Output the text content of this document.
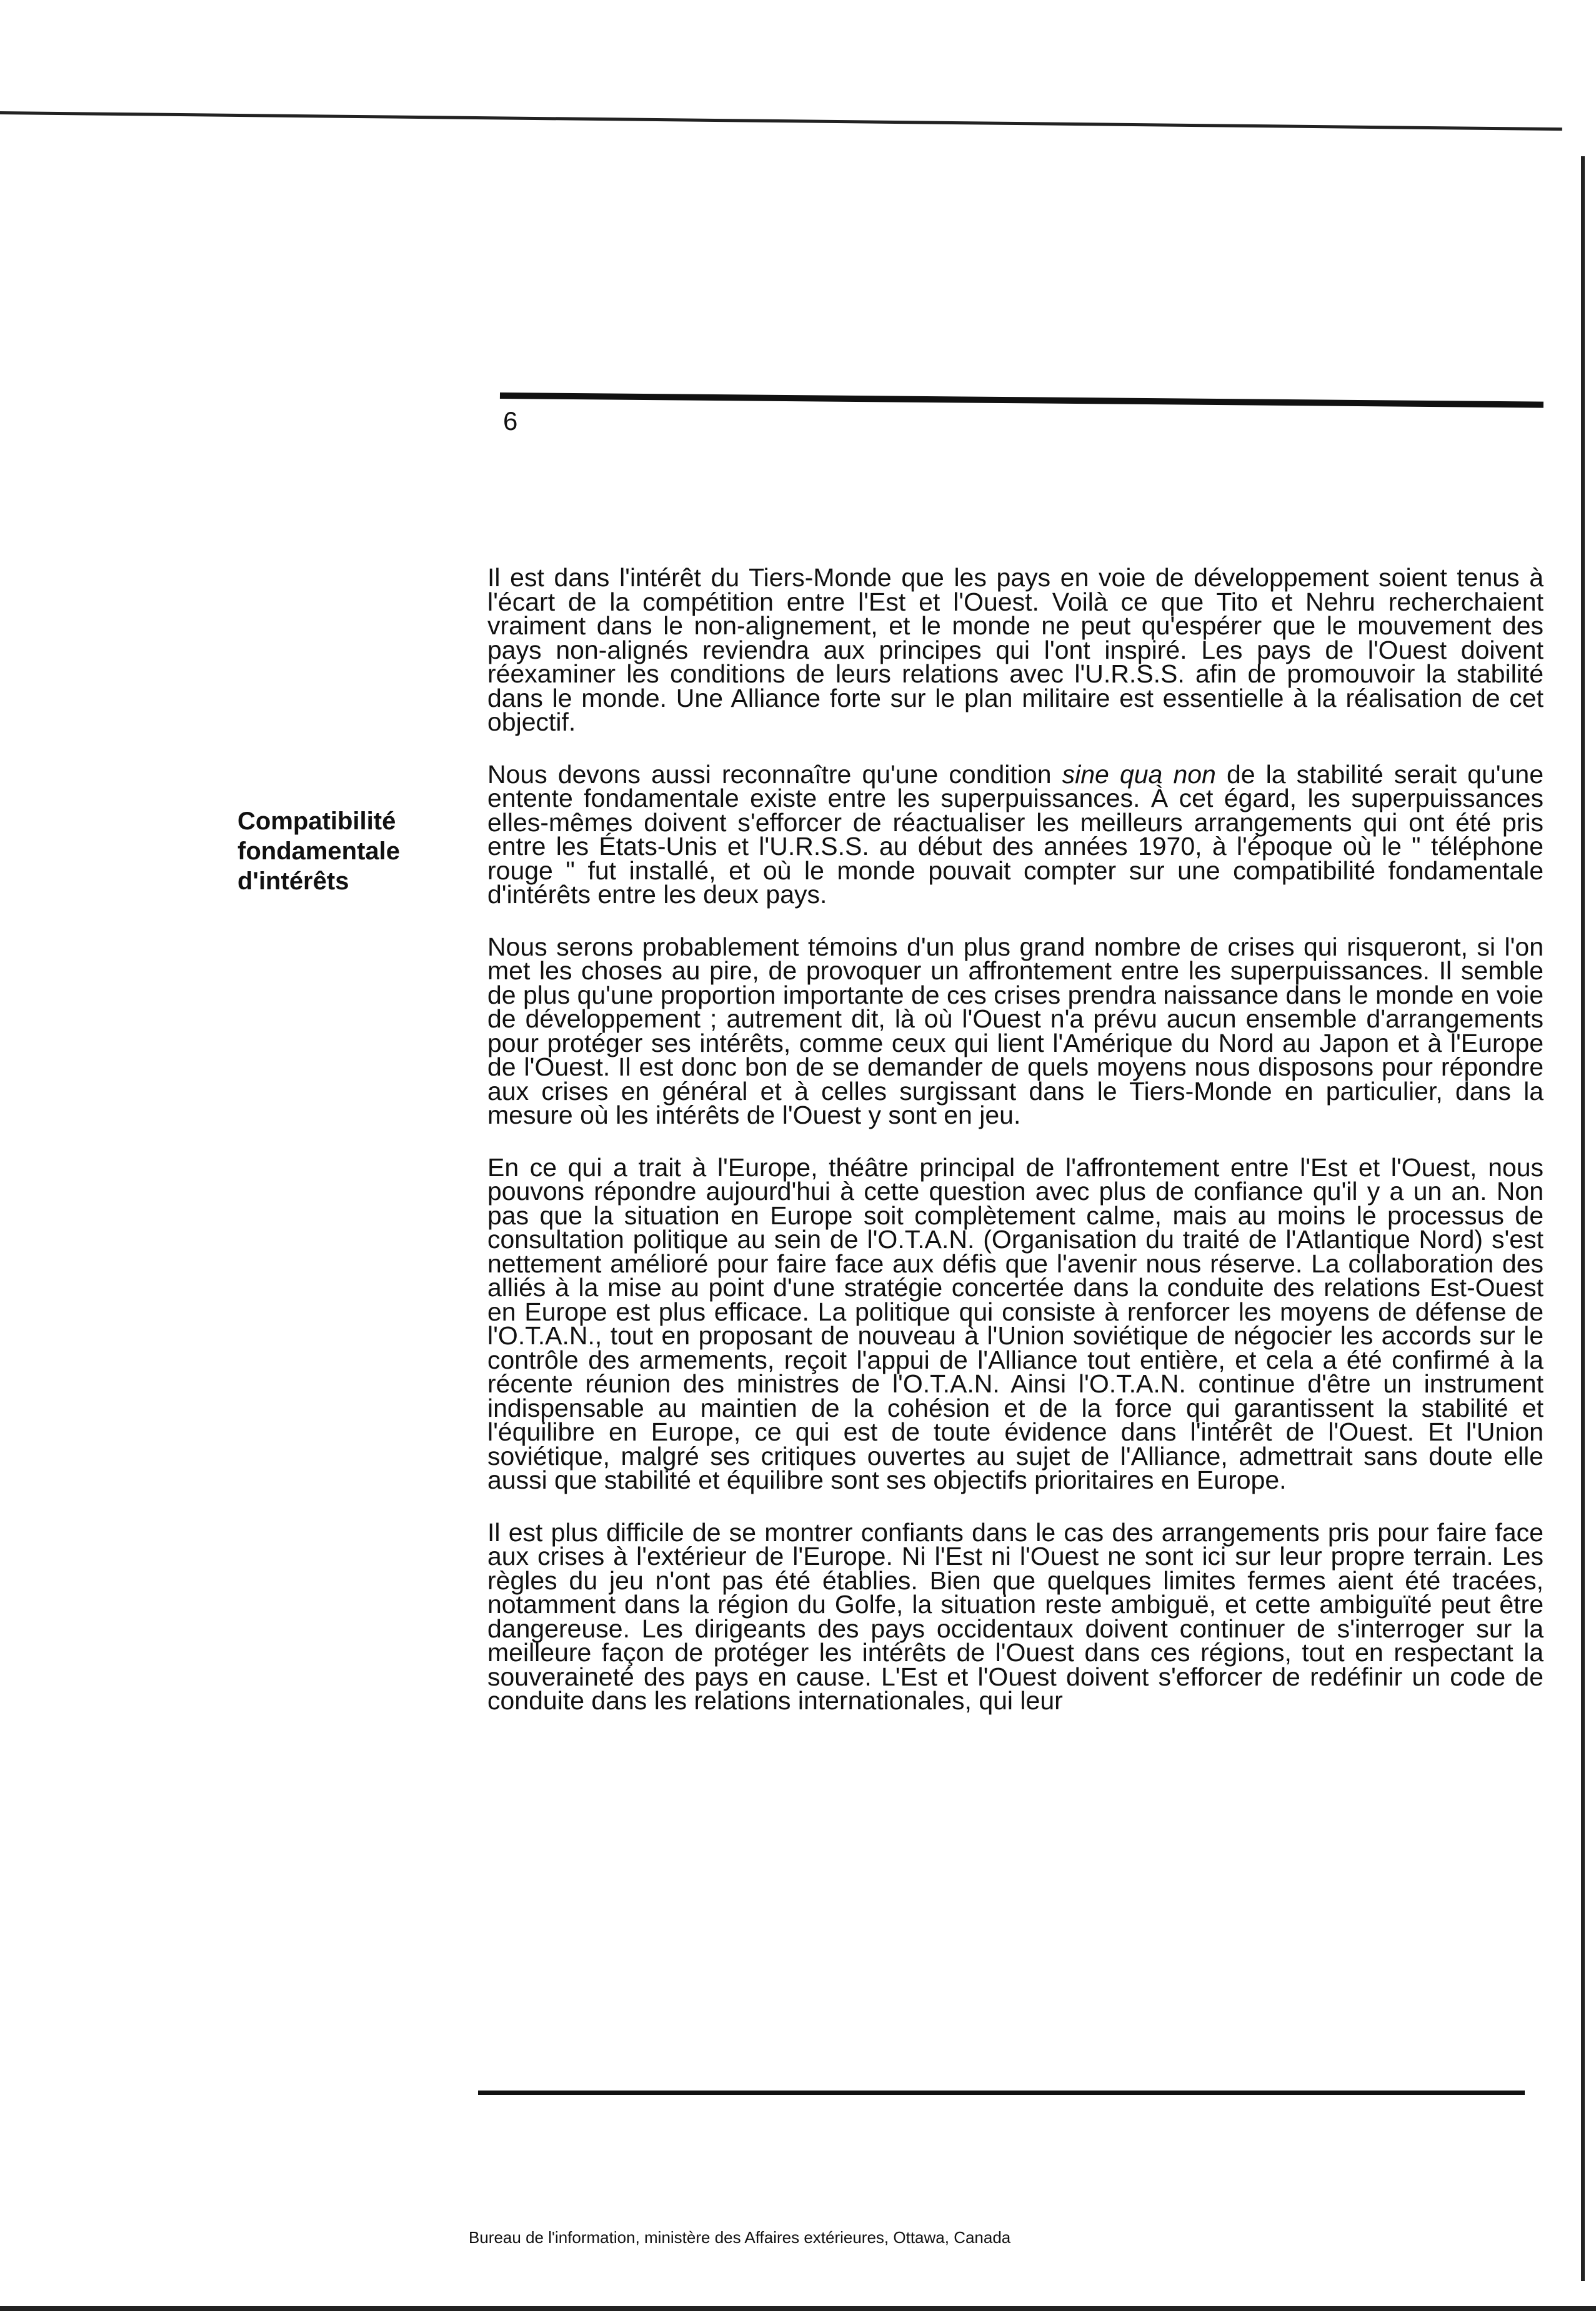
6
Compatibilité
fondamentale
d'intérêts

Il est dans l'intérêt du Tiers-Monde que les pays en voie de développement soient tenus à l'écart de la compétition entre l'Est et l'Ouest. Voilà ce que Tito et Nehru recherchaient vraiment dans le non-alignement, et le monde ne peut qu'espérer que le mouvement des pays non-alignés reviendra aux principes qui l'ont inspiré. Les pays de l'Ouest doivent réexaminer les conditions de leurs relations avec l'U.R.S.S. afin de promouvoir la stabilité dans le monde. Une Alliance forte sur le plan militaire est essentielle à la réalisation de cet objectif.

Nous devons aussi reconnaître qu'une condition sine qua non de la stabilité serait qu'une entente fondamentale existe entre les superpuissances. À cet égard, les superpuissances elles-mêmes doivent s'efforcer de réactualiser les meilleurs arrangements qui ont été pris entre les États-Unis et l'U.R.S.S. au début des années 1970, à l'époque où le " téléphone rouge " fut installé, et où le monde pouvait compter sur une compatibilité fondamentale d'intérêts entre les deux pays.

Nous serons probablement témoins d'un plus grand nombre de crises qui risqueront, si l'on met les choses au pire, de provoquer un affrontement entre les superpuissances. Il semble de plus qu'une proportion importante de ces crises prendra naissance dans le monde en voie de développement ; autrement dit, là où l'Ouest n'a prévu aucun ensemble d'arrangements pour protéger ses intérêts, comme ceux qui lient l'Amérique du Nord au Japon et à l'Europe de l'Ouest. Il est donc bon de se demander de quels moyens nous disposons pour répondre aux crises en général et à celles surgissant dans le Tiers-Monde en particulier, dans la mesure où les intérêts de l'Ouest y sont en jeu.

En ce qui a trait à l'Europe, théâtre principal de l'affrontement entre l'Est et l'Ouest, nous pouvons répondre aujourd'hui à cette question avec plus de confiance qu'il y a un an. Non pas que la situation en Europe soit complètement calme, mais au moins le processus de consultation politique au sein de l'O.T.A.N. (Organisation du traité de l'Atlantique Nord) s'est nettement amélioré pour faire face aux défis que l'avenir nous réserve. La collaboration des alliés à la mise au point d'une stratégie concertée dans la conduite des relations Est-Ouest en Europe est plus efficace. La politique qui consiste à renforcer les moyens de défense de l'O.T.A.N., tout en proposant de nouveau à l'Union soviétique de négocier les accords sur le contrôle des armements, reçoit l'appui de l'Alliance tout entière, et cela a été confirmé à la récente réunion des ministres de l'O.T.A.N. Ainsi l'O.T.A.N. continue d'être un instrument indispensable au maintien de la cohésion et de la force qui garantissent la stabilité et l'équilibre en Europe, ce qui est de toute évidence dans l'intérêt de l'Ouest. Et l'Union soviétique, malgré ses critiques ouvertes au sujet de l'Alliance, admettrait sans doute elle aussi que stabilité et équilibre sont ses objectifs prioritaires en Europe.

Il est plus difficile de se montrer confiants dans le cas des arrangements pris pour faire face aux crises à l'extérieur de l'Europe. Ni l'Est ni l'Ouest ne sont ici sur leur propre terrain. Les règles du jeu n'ont pas été établies. Bien que quelques limites fermes aient été tracées, notamment dans la région du Golfe, la situation reste ambiguë, et cette ambiguïté peut être dangereuse. Les dirigeants des pays occidentaux doivent continuer de s'interroger sur la meilleure façon de protéger les intérêts de l'Ouest dans ces régions, tout en respectant la souveraineté des pays en cause. L'Est et l'Ouest doivent s'efforcer de redéfinir un code de conduite dans les relations internationales, qui leur

Bureau de l'information, ministère des Affaires extérieures, Ottawa, Canada
